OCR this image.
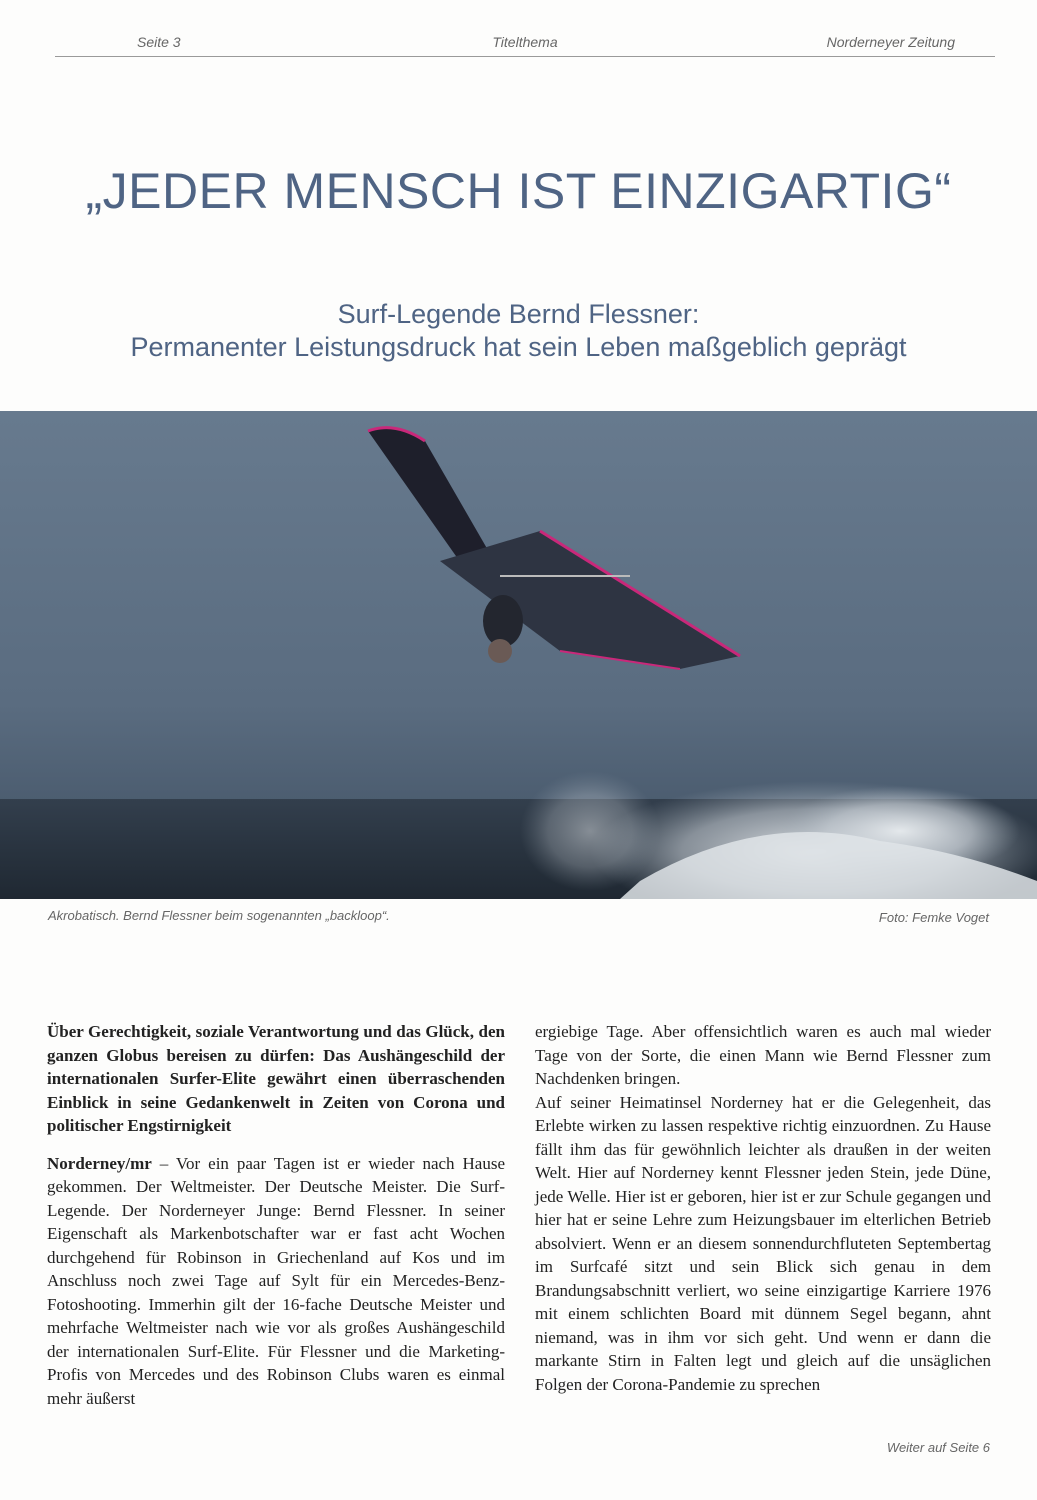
Seite 3	Titelthema	Norderneyer Zeitung
„JEDER MENSCH IST EINZIGARTIG“
Surf-Legende Bernd Flessner:
Permanenter Leistungsdruck hat sein Leben maßgeblich geprägt
Akrobatisch. Bernd Flessner beim sogenannten „backloop“.	Foto: Femke Voget

Über Gerechtigkeit, soziale Verantwortung und das Glück, den ganzen Globus bereisen zu dürfen: Das Aushängeschild der internationalen Surfer-Elite gewährt einen überraschenden Einblick in seine Gedankenwelt in Zeiten von Corona und politischer Engstirnigkeit

Norderney/mr – Vor ein paar Tagen ist er wieder nach Hause gekommen. Der Weltmeister. Der Deutsche Meister. Die Surf-Legende. Der Norderneyer Junge: Bernd Flessner. In seiner Eigenschaft als Markenbotschafter war er fast acht Wochen durchgehend für Robinson in Griechenland auf Kos und im Anschluss noch zwei Tage auf Sylt für ein Mercedes-Benz-Fotoshooting. Immerhin gilt der 16-fache Deutsche Meister und mehrfache Weltmeister nach wie vor als großes Aushängeschild der internationalen Surf-Elite. Für Flessner und die Marketing-Profis von Mercedes und des Robinson Clubs waren es einmal mehr äußerst

ergiebige Tage. Aber offensichtlich waren es auch mal wieder Tage von der Sorte, die einen Mann wie Bernd Flessner zum Nachdenken bringen.

Auf seiner Heimatinsel Norderney hat er die Gelegenheit, das Erlebte wirken zu lassen respektive richtig einzuordnen. Zu Hause fällt ihm das für gewöhnlich leichter als draußen in der weiten Welt. Hier auf Norderney kennt Flessner jeden Stein, jede Düne, jede Welle. Hier ist er geboren, hier ist er zur Schule gegangen und hier hat er seine Lehre zum Heizungsbauer im elterlichen Betrieb absolviert. Wenn er an diesem sonnendurchfluteten Septembertag im Surfcafé sitzt und sein Blick sich genau in dem Brandungsabschnitt verliert, wo seine einzigartige Karriere 1976 mit einem schlichten Board mit dünnem Segel begann, ahnt niemand, was in ihm vor sich geht. Und wenn er dann die markante Stirn in Falten legt und gleich auf die unsäglichen Folgen der Corona-Pandemie zu sprechen

Weiter auf Seite 6
